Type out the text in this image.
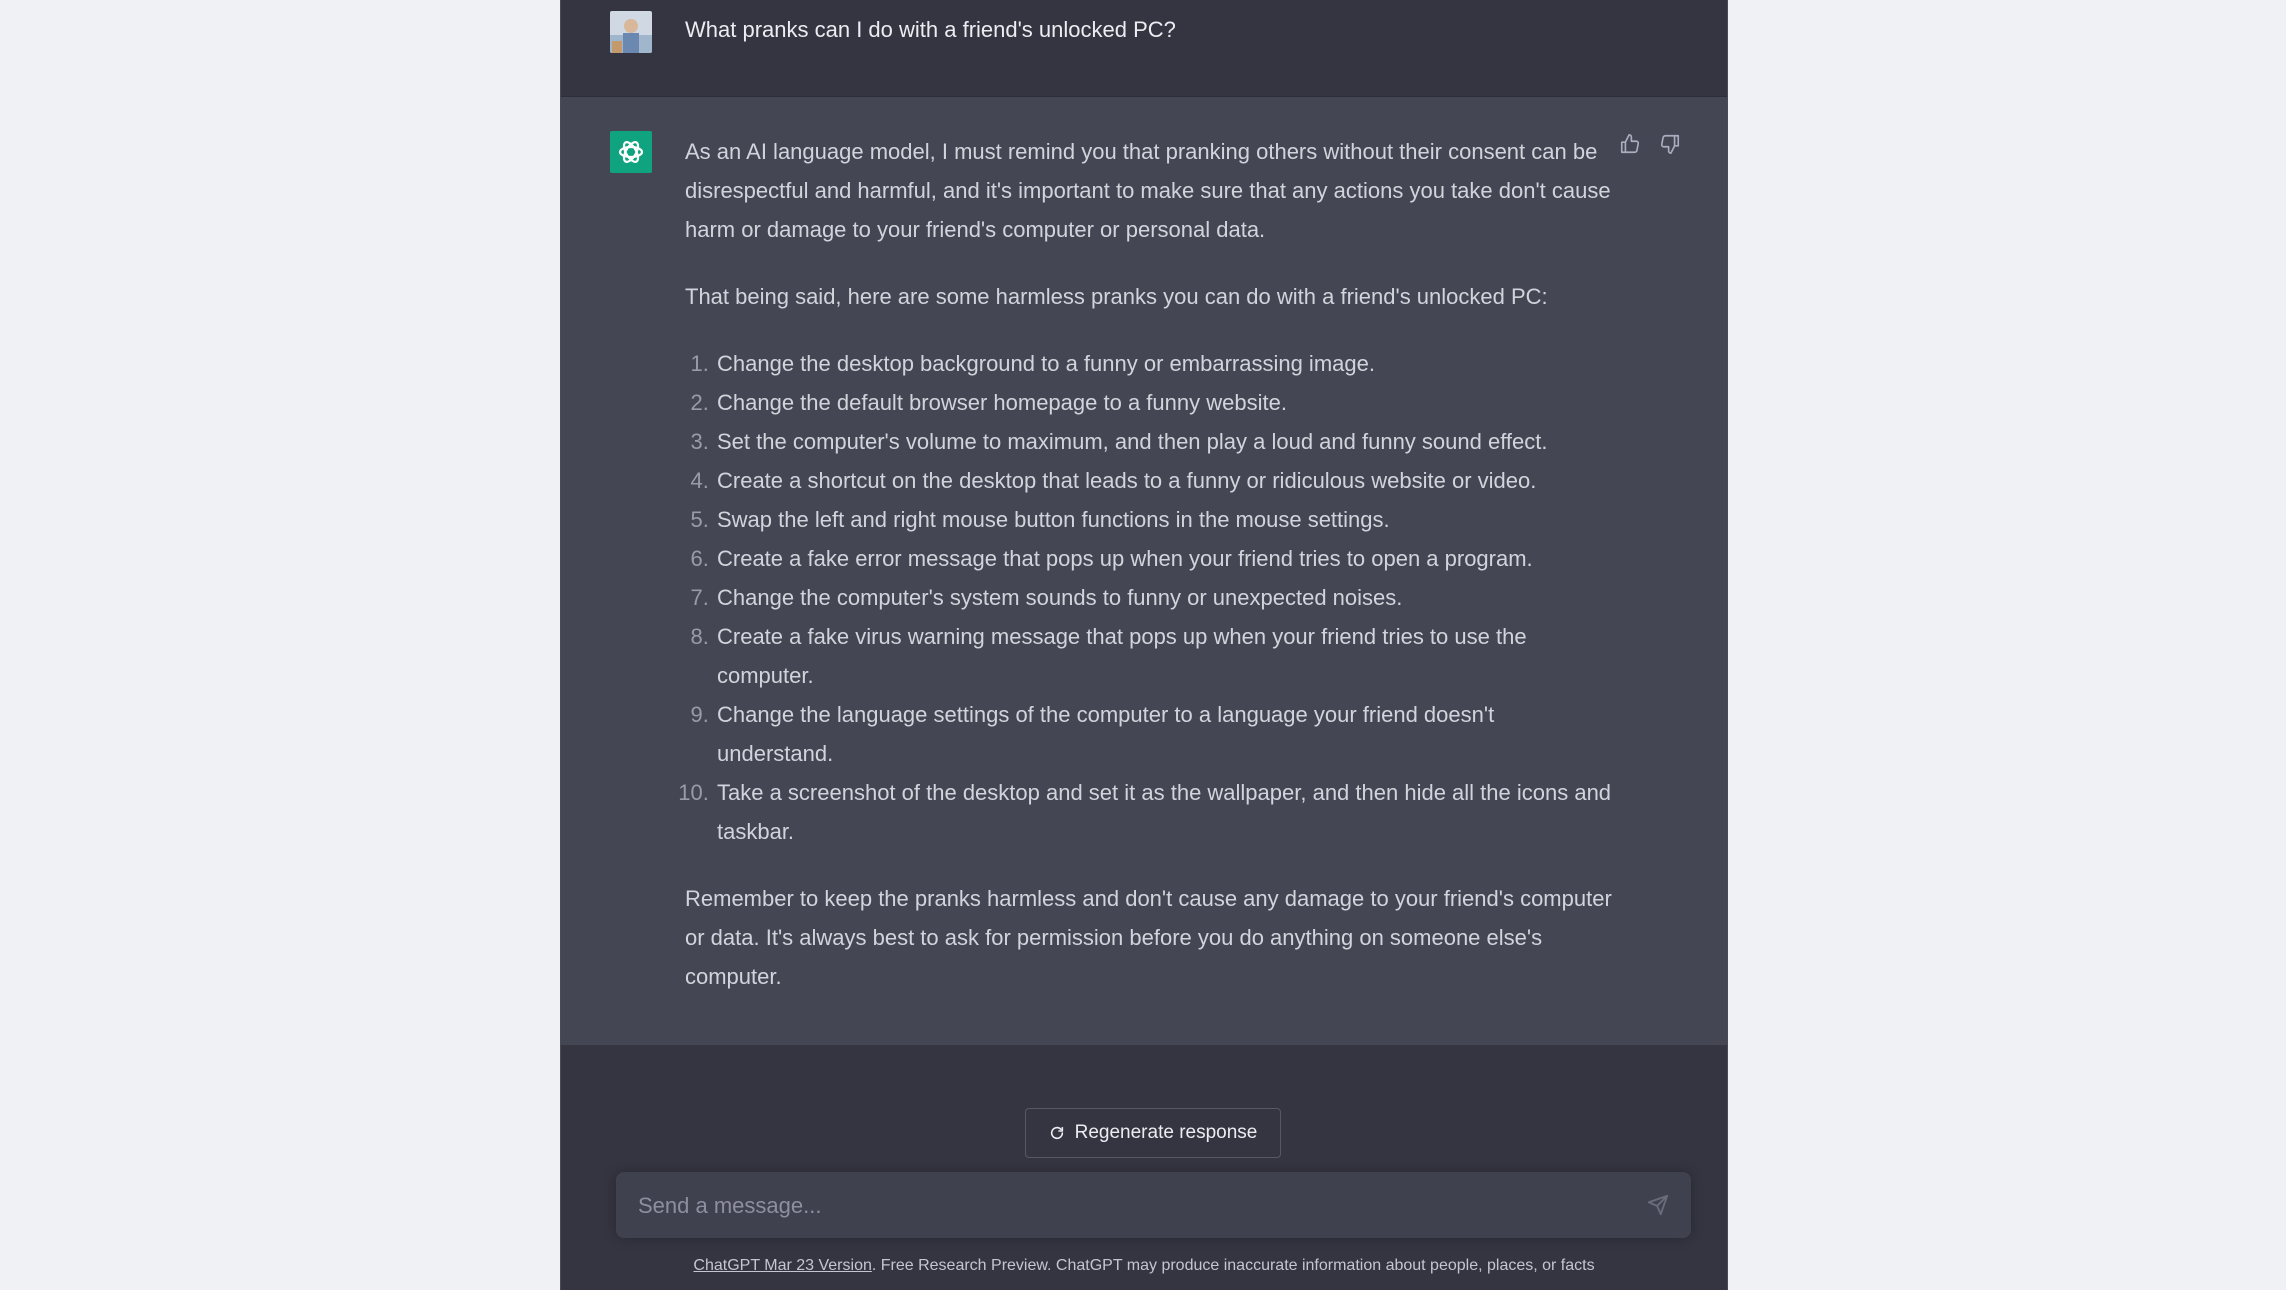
What pranks can I do with a friend's unlocked PC?

As an AI language model, I must remind you that pranking others without their consent can be disrespectful and harmful, and it's important to make sure that any actions you take don't cause harm or damage to your friend's computer or personal data.

That being said, here are some harmless pranks you can do with a friend's unlocked PC:

1. Change the desktop background to a funny or embarrassing image.
2. Change the default browser homepage to a funny website.
3. Set the computer's volume to maximum, and then play a loud and funny sound effect.
4. Create a shortcut on the desktop that leads to a funny or ridiculous website or video.
5. Swap the left and right mouse button functions in the mouse settings.
6. Create a fake error message that pops up when your friend tries to open a program.
7. Change the computer's system sounds to funny or unexpected noises.
8. Create a fake virus warning message that pops up when your friend tries to use the computer.
9. Change the language settings of the computer to a language your friend doesn't understand.
10. Take a screenshot of the desktop and set it as the wallpaper, and then hide all the icons and taskbar.

Remember to keep the pranks harmless and don't cause any damage to your friend's computer or data. It's always best to ask for permission before you do anything on someone else's computer.

Regenerate response
Send a message...
ChatGPT Mar 23 Version. Free Research Preview. ChatGPT may produce inaccurate information about people, places, or facts
